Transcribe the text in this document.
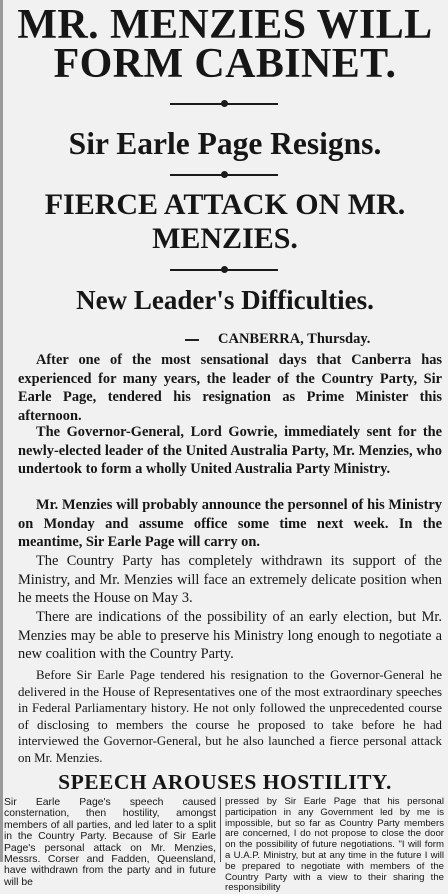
MR. MENZIES WILL
FORM CABINET.
Sir Earle Page Resigns.
FIERCE ATTACK ON MR.
MENZIES.
New Leader's Difficulties.
CANBERRA, Thursday.

After one of the most sensational days that Canberra has experienced for many years, the leader of the Country Party, Sir Earle Page, tendered his resignation as Prime Minister this afternoon.

The Governor-General, Lord Gowrie, immediately sent for the newly-elected leader of the United Australia Party, Mr. Menzies, who undertook to form a wholly United Australia Party Ministry.

Mr. Menzies will probably announce the personnel of his Ministry on Monday and assume office some time next week. In the meantime, Sir Earle Page will carry on.

The Country Party has completely withdrawn its support of the Ministry, and Mr. Menzies will face an extremely delicate position when he meets the House on May 3.

There are indications of the possibility of an early election, but Mr. Menzies may be able to preserve his Ministry long enough to negotiate a new coalition with the Country Party.

Before Sir Earle Page tendered his resignation to the Governor-General he delivered in the House of Representatives one of the most extraordinary speeches in Federal Parliamentary history. He not only followed the unprecedented course of disclosing to members the course he proposed to take before he had interviewed the Governor-General, but he also launched a fierce personal attack on Mr. Menzies.

SPEECH AROUSES HOSTILITY.

Sir Earle Page's speech caused consternation, then hostility, amongst members of all parties, and led later to a split in the Country Party. Because of Sir Earle Page's personal attack on Mr. Menzies, Messrs. Corser and Fadden, Queensland, have withdrawn from the party and in future will be

pressed by Sir Earle Page that his personal participation in any Government led by me is impossible, but so far as Country Party members are concerned, I do not propose to close the door on the possibility of future negotiations. "I will form a U.A.P. Ministry, but at any time in the future I will be prepared to negotiate with members of the Country Party with a view to their sharing the responsibility
